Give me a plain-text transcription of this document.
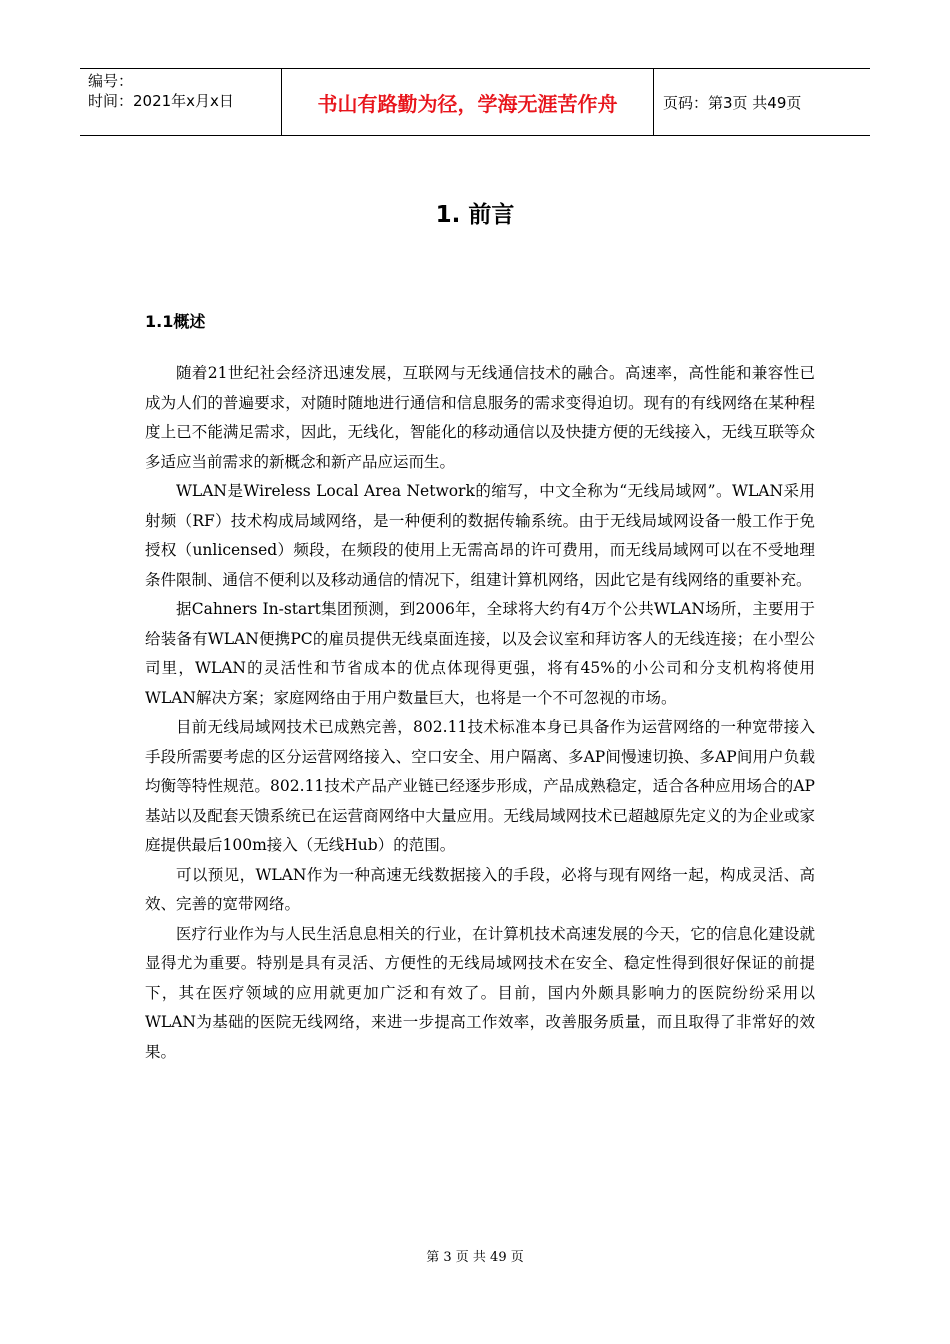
编号：
时间：2021年x月x日	书山有路勤为径，学海无涯苦作舟	页码：第3页 共49页
1. 前言
1.1概述

随着21世纪社会经济迅速发展，互联网与无线通信技术的融合。高速率，高性能和兼容性已成为人们的普遍要求，对随时随地进行通信和信息服务的需求变得迫切。现有的有线网络在某种程度上已不能满足需求，因此，无线化，智能化的移动通信以及快捷方便的无线接入，无线互联等众多适应当前需求的新概念和新产品应运而生。

WLAN是Wireless Local Area Network的缩写，中文全称为“无线局域网”。WLAN采用射频（RF）技术构成局域网络，是一种便利的数据传输系统。由于无线局域网设备一般工作于免授权（unlicensed）频段，在频段的使用上无需高昂的许可费用，而无线局域网可以在不受地理条件限制、通信不便利以及移动通信的情况下，组建计算机网络，因此它是有线网络的重要补充。

据Cahners In-start集团预测，到2006年，全球将大约有4万个公共WLAN场所，主要用于给装备有WLAN便携PC的雇员提供无线桌面连接，以及会议室和拜访客人的无线连接；在小型公司里，WLAN的灵活性和节省成本的优点体现得更强，将有45%的小公司和分支机构将使用WLAN解决方案；家庭网络由于用户数量巨大，也将是一个不可忽视的市场。

目前无线局域网技术已成熟完善，802.11技术标准本身已具备作为运营网络的一种宽带接入手段所需要考虑的区分运营网络接入、空口安全、用户隔离、多AP间慢速切换、多AP间用户负载均衡等特性规范。802.11技术产品产业链已经逐步形成，产品成熟稳定，适合各种应用场合的AP基站以及配套天馈系统已在运营商网络中大量应用。无线局域网技术已超越原先定义的为企业或家庭提供最后100m接入（无线Hub）的范围。

可以预见，WLAN作为一种高速无线数据接入的手段，必将与现有网络一起，构成灵活、高效、完善的宽带网络。

医疗行业作为与人民生活息息相关的行业，在计算机技术高速发展的今天，它的信息化建设就显得尤为重要。特别是具有灵活、方便性的无线局域网技术在安全、稳定性得到很好保证的前提下，其在医疗领域的应用就更加广泛和有效了。目前，国内外颇具影响力的医院纷纷采用以WLAN为基础的医院无线网络，来进一步提高工作效率，改善服务质量，而且取得了非常好的效果。

第 3 页 共 49 页
